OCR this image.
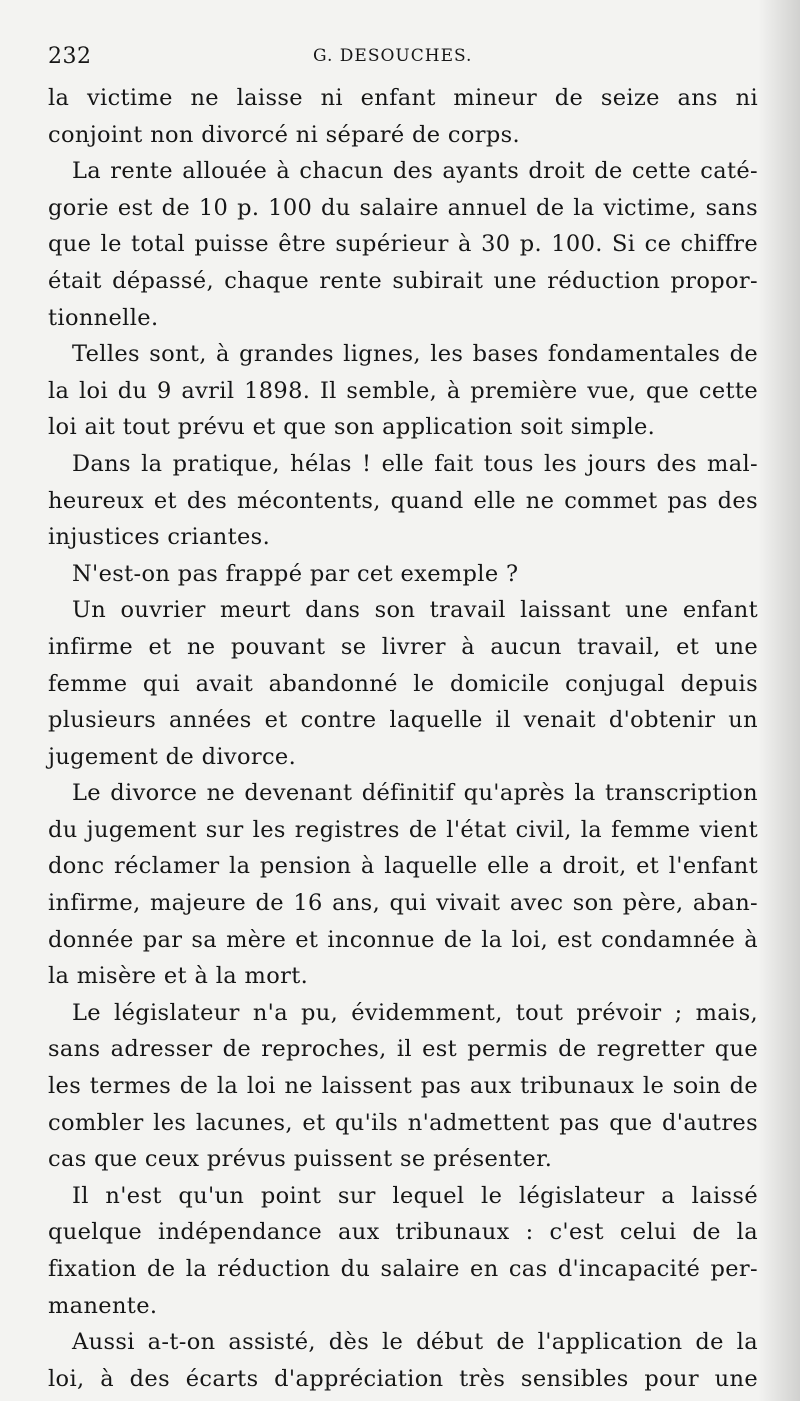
232	G. DESOUCHES.
la victime ne laisse ni enfant mineur de seize ans ni
conjoint non divorcé ni séparé de corps.
La rente allouée à chacun des ayants droit de cette caté-
gorie est de 10 p. 100 du salaire annuel de la victime, sans
que le total puisse être supérieur à 30 p. 100. Si ce chiffre
était dépassé, chaque rente subirait une réduction propor-
tionnelle.
Telles sont, à grandes lignes, les bases fondamentales de
la loi du 9 avril 1898. Il semble, à première vue, que cette
loi ait tout prévu et que son application soit simple.
Dans la pratique, hélas ! elle fait tous les jours des mal-
heureux et des mécontents, quand elle ne commet pas des
injustices criantes.
N'est-on pas frappé par cet exemple ?
Un ouvrier meurt dans son travail laissant une enfant
infirme et ne pouvant se livrer à aucun travail, et une
femme qui avait abandonné le domicile conjugal depuis
plusieurs années et contre laquelle il venait d'obtenir un
jugement de divorce.
Le divorce ne devenant définitif qu'après la transcription
du jugement sur les registres de l'état civil, la femme vient
donc réclamer la pension à laquelle elle a droit, et l'enfant
infirme, majeure de 16 ans, qui vivait avec son père, aban-
donnée par sa mère et inconnue de la loi, est condamnée à
la misère et à la mort.
Le législateur n'a pu, évidemment, tout prévoir ; mais,
sans adresser de reproches, il est permis de regretter que
les termes de la loi ne laissent pas aux tribunaux le soin de
combler les lacunes, et qu'ils n'admettent pas que d'autres
cas que ceux prévus puissent se présenter.
Il n'est qu'un point sur lequel le législateur a laissé
quelque indépendance aux tribunaux : c'est celui de la
fixation de la réduction du salaire en cas d'incapacité per-
manente.
Aussi a-t-on assisté, dès le début de l'application de la
loi, à des écarts d'appréciation très sensibles pour une
